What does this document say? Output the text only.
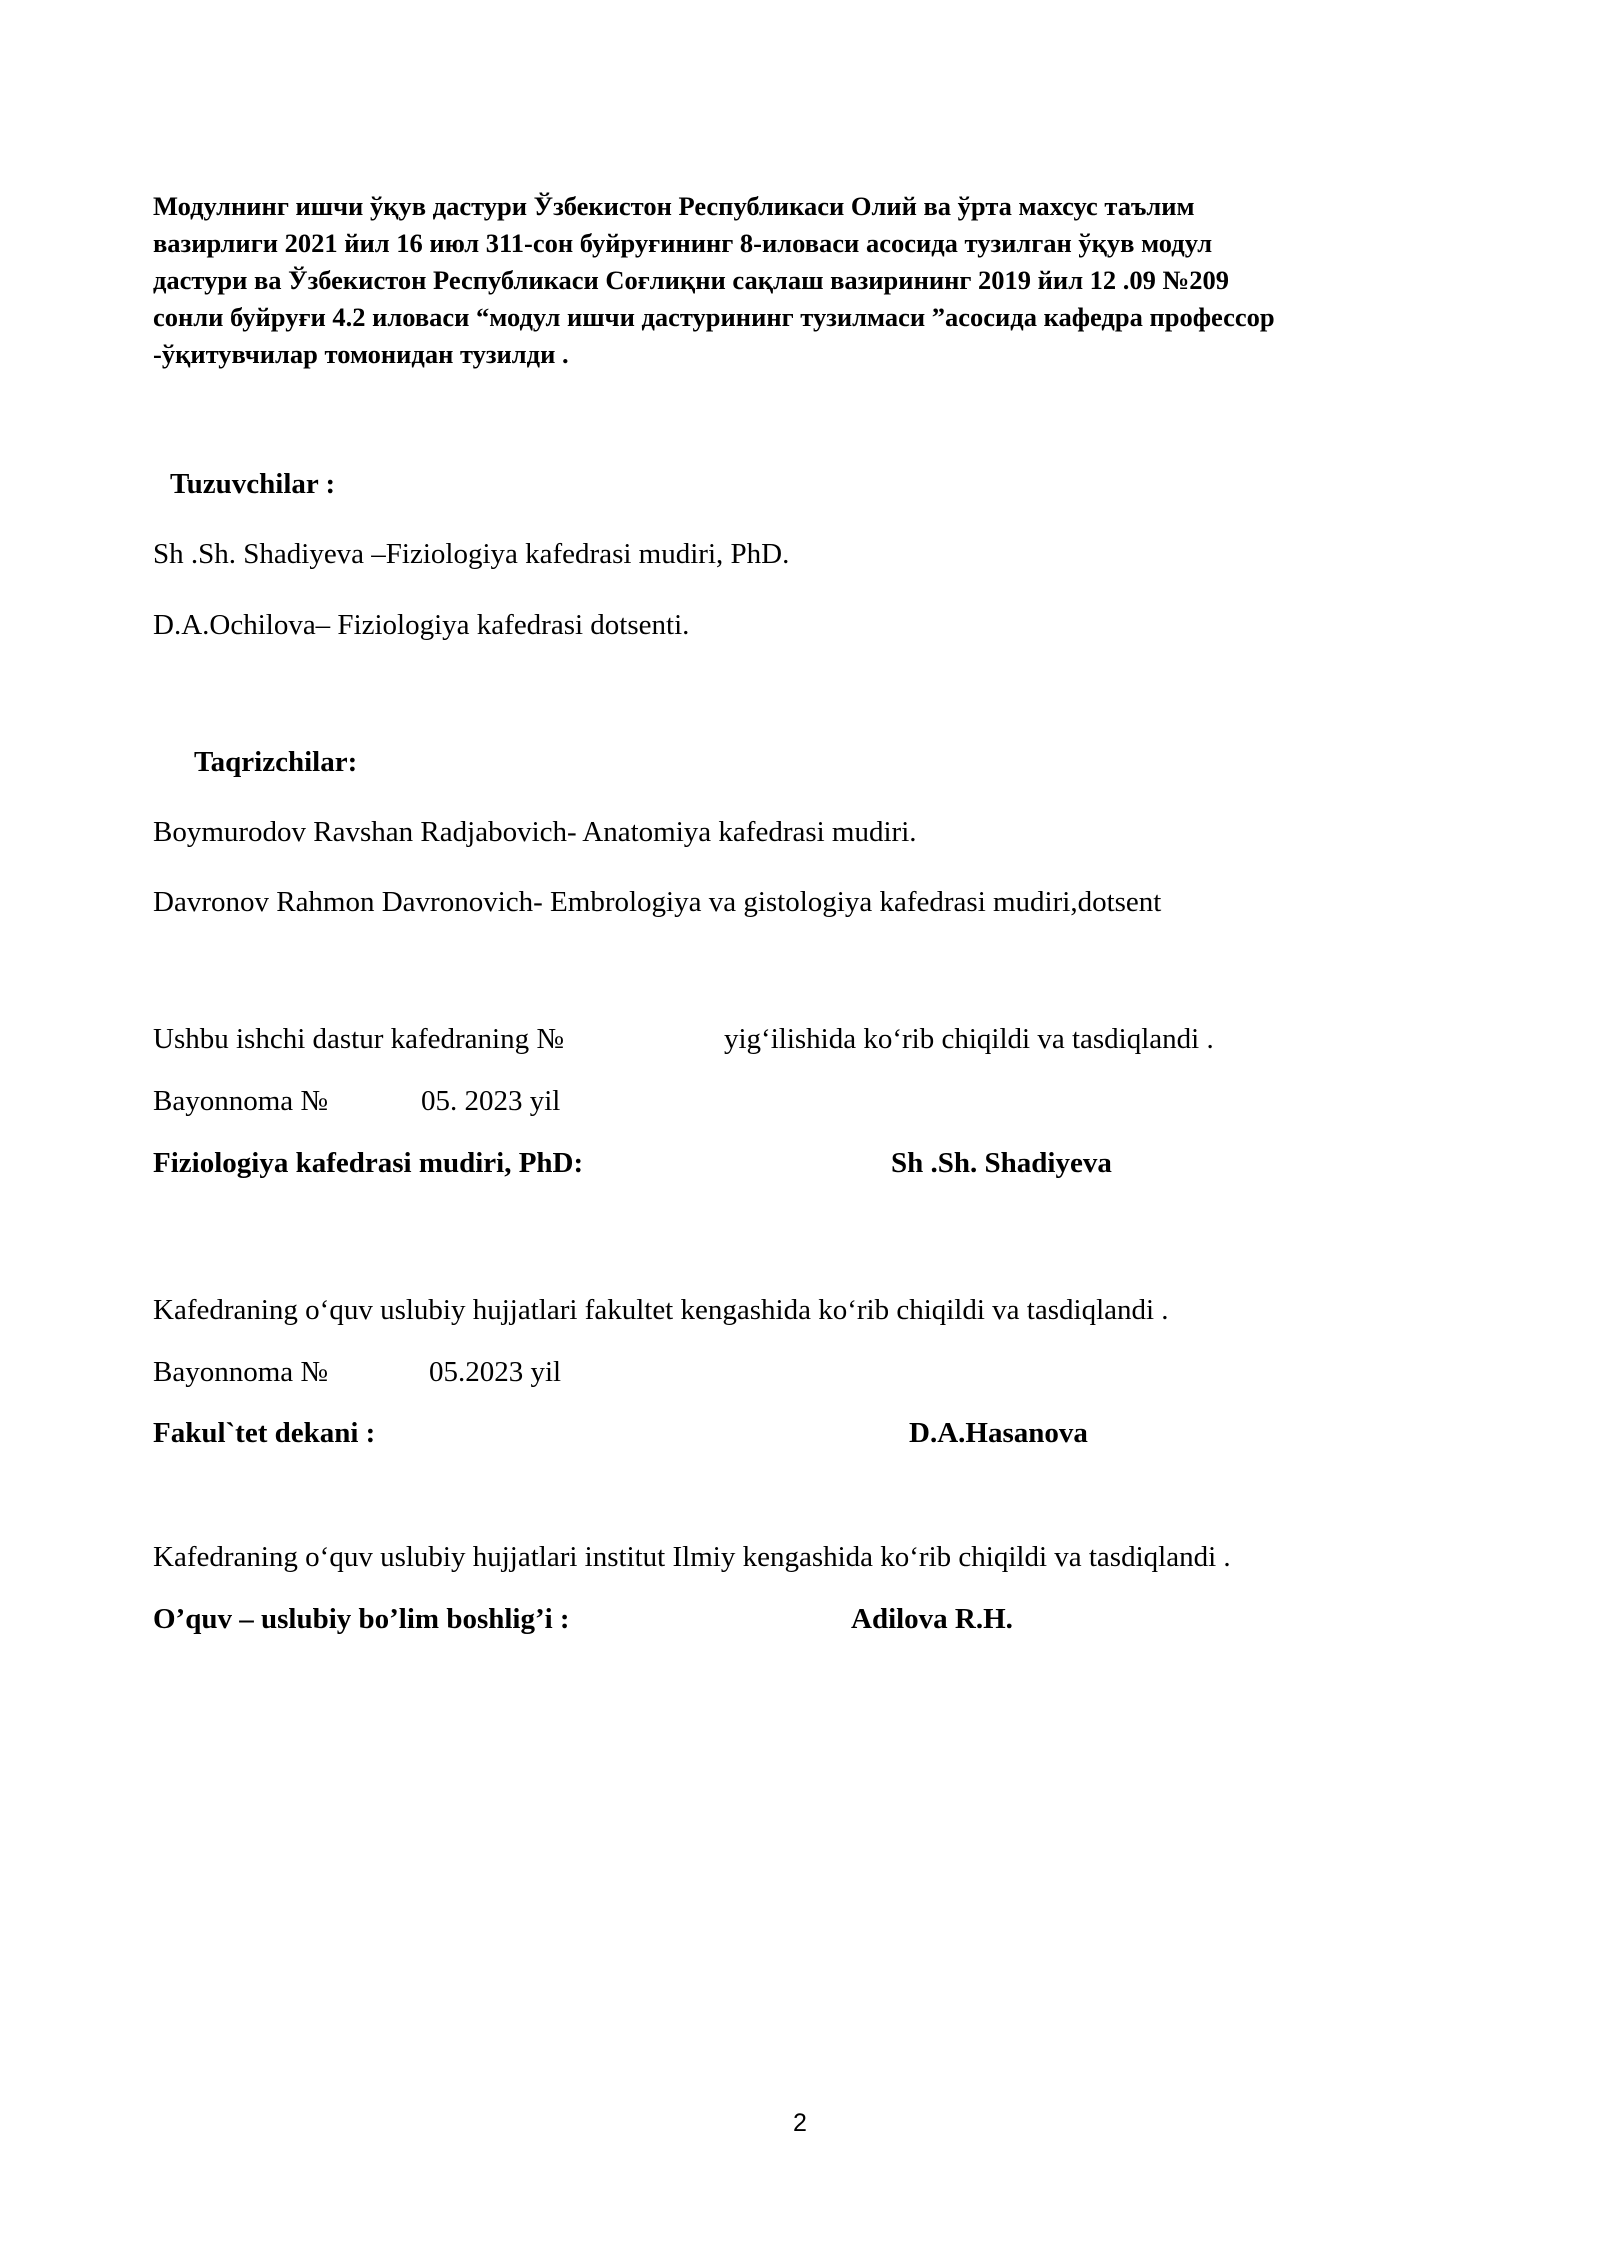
Модулнинг ишчи ўқув дастури Ўзбекистон Республикаси Олий ва ўрта махсус таълим
вазирлиги 2021 йил 16 июл 311-сон буйруғининг 8-иловаси асосида тузилган ўқув модул
дастури ва Ўзбекистон Республикаси Соғлиқни сақлаш вазирининг 2019 йил 12 .09 №209
сонли буйруғи 4.2 иловаси “модул ишчи дастурининг тузилмаси ”асосида кафедра профессор
-ўқитувчилар томонидан тузилди .
Tuzuvchilar :
Sh .Sh. Shadiyeva –Fiziologiya kafedrasi mudiri, PhD.
D.A.Ochilova– Fiziologiya kafedrasi dotsenti.
Taqrizchilar:
Boymurodov Ravshan Radjabovich- Anatomiya kafedrasi mudiri.
Davronov Rahmon Davronovich- Embrologiya va gistologiya kafedrasi mudiri,dotsent
Ushbu ishchi dastur kafedraning №	yig‘ilishida ko‘rib chiqildi va tasdiqlandi .
Bayonnoma №	05. 2023 yil
Fiziologiya kafedrasi mudiri, PhD:	Sh .Sh. Shadiyeva
Kafedraning o‘quv uslubiy hujjatlari fakultet kengashida ko‘rib chiqildi va tasdiqlandi .
Bayonnoma №	05.2023 yil
Fakul`tet dekani :	D.A.Hasanova
Kafedraning o‘quv uslubiy hujjatlari institut Ilmiy kengashida ko‘rib chiqildi va tasdiqlandi .
O’quv – uslubiy bo’lim boshlig’i :	Adilova R.H.
2
